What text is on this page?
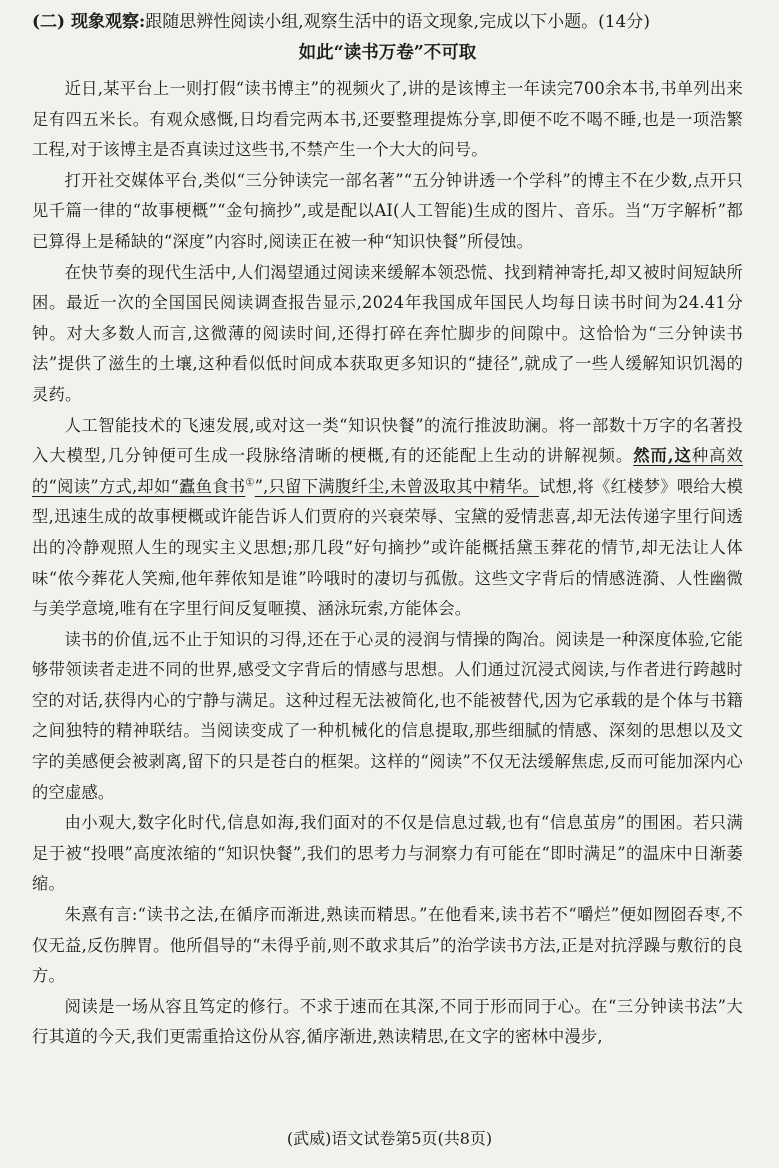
(二) 现象观察:跟随思辨性阅读小组,观察生活中的语文现象,完成以下小题。(14分)
如此“读书万卷”不可取

近日,某平台上一则打假“读书博主”的视频火了,讲的是该博主一年读完700余本书,书单列出来足有四五米长。有观众感慨,日均看完两本书,还要整理提炼分享,即便不吃不喝不睡,也是一项浩繁工程,对于该博主是否真读过这些书,不禁产生一个大大的问号。

打开社交媒体平台,类似“三分钟读完一部名著”“五分钟讲透一个学科”的博主不在少数,点开只见千篇一律的“故事梗概”“金句摘抄”,或是配以AI(人工智能)生成的图片、音乐。当“万字解析”都已算得上是稀缺的“深度”内容时,阅读正在被一种“知识快餐”所侵蚀。

在快节奏的现代生活中,人们渴望通过阅读来缓解本领恐慌、找到精神寄托,却又被时间短缺所困。最近一次的全国国民阅读调查报告显示,2024年我国成年国民人均每日读书时间为24.41分钟。对大多数人而言,这微薄的阅读时间,还得打碎在奔忙脚步的间隙中。这恰恰为“三分钟读书法”提供了滋生的土壤,这种看似低时间成本获取更多知识的“捷径”,就成了一些人缓解知识饥渴的灵药。

人工智能技术的飞速发展,或对这一类“知识快餐”的流行推波助澜。将一部数十万字的名著投入大模型,几分钟便可生成一段脉络清晰的梗概,有的还能配上生动的讲解视频。然而,这种高效的“阅读”方式,却如“蠹鱼食书①”,只留下满腹纤尘,未曾汲取其中精华。试想,将《红楼梦》喂给大模型,迅速生成的故事梗概或许能告诉人们贾府的兴衰荣辱、宝黛的爱情悲喜,却无法传递字里行间透出的冷静观照人生的现实主义思想;那几段“好句摘抄”或许能概括黛玉葬花的情节,却无法让人体味“侬今葬花人笑痴,他年葬侬知是谁”吟哦时的凄切与孤傲。这些文字背后的情感涟漪、人性幽微与美学意境,唯有在字里行间反复咂摸、涵泳玩索,方能体会。

读书的价值,远不止于知识的习得,还在于心灵的浸润与情操的陶冶。阅读是一种深度体验,它能够带领读者走进不同的世界,感受文字背后的情感与思想。人们通过沉浸式阅读,与作者进行跨越时空的对话,获得内心的宁静与满足。这种过程无法被简化,也不能被替代,因为它承载的是个体与书籍之间独特的精神联结。当阅读变成了一种机械化的信息提取,那些细腻的情感、深刻的思想以及文字的美感便会被剥离,留下的只是苍白的框架。这样的“阅读”不仅无法缓解焦虑,反而可能加深内心的空虚感。

由小观大,数字化时代,信息如海,我们面对的不仅是信息过载,也有“信息茧房”的围困。若只满足于被“投喂”高度浓缩的“知识快餐”,我们的思考力与洞察力有可能在“即时满足”的温床中日渐萎缩。

朱熹有言:“读书之法,在循序而渐进,熟读而精思。”在他看来,读书若不“嚼烂”便如囫囵吞枣,不仅无益,反伤脾胃。他所倡导的“未得乎前,则不敢求其后”的治学读书方法,正是对抗浮躁与敷衍的良方。

阅读是一场从容且笃定的修行。不求于速而在其深,不同于形而同于心。在“三分钟读书法”大行其道的今天,我们更需重拾这份从容,循序渐进,熟读精思,在文字的密林中漫步,

(武威)语文试卷第5页(共8页)
